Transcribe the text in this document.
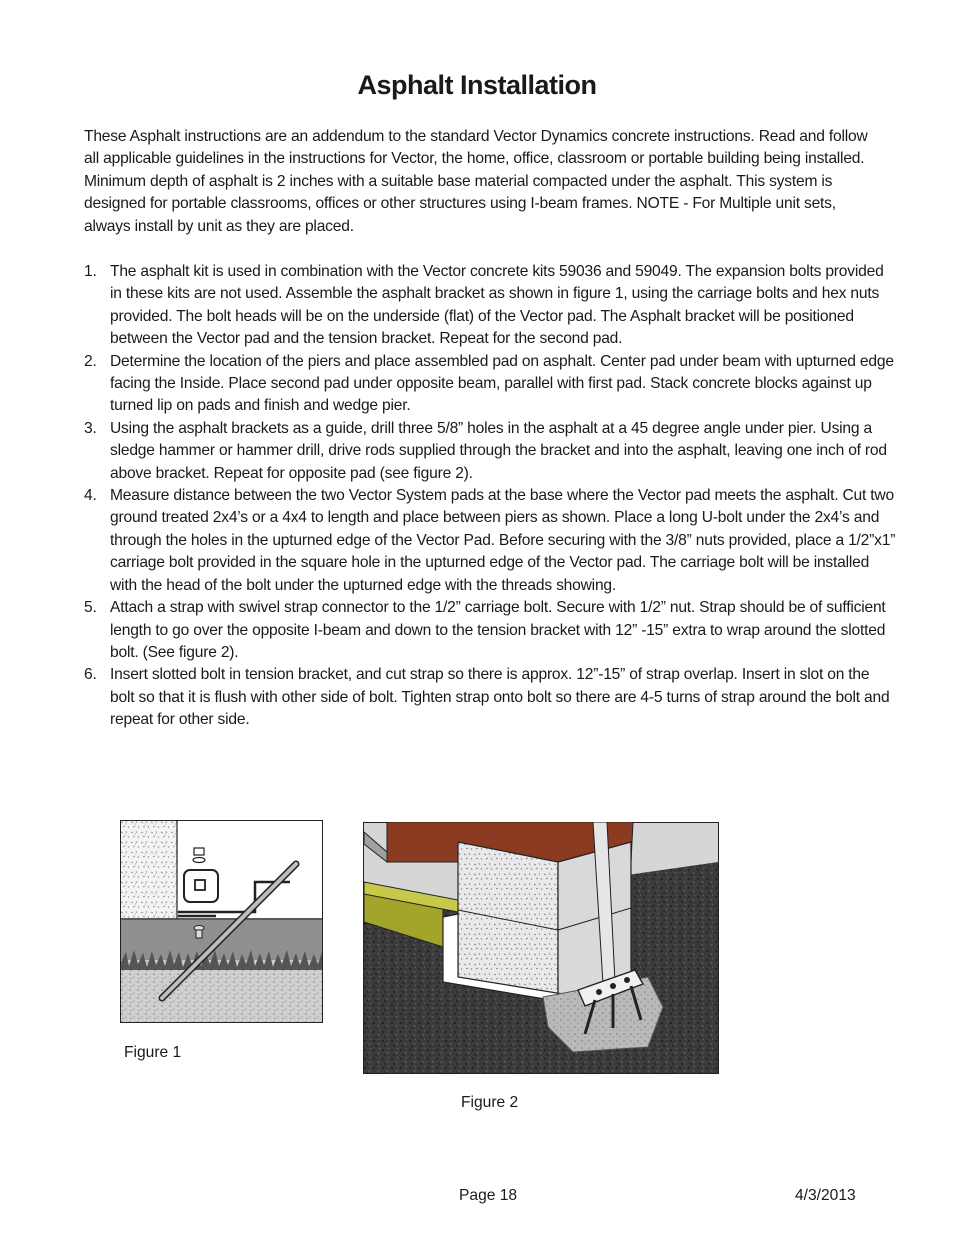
Asphalt Installation

These Asphalt instructions are an addendum to the standard Vector Dynamics concrete instructions. Read and follow all applicable guidelines in the instructions for Vector, the home, office, classroom or portable building being installed. Minimum depth of asphalt is 2 inches with a suitable base material compacted under the asphalt. This system is designed for portable classrooms, offices or other structures using I-beam frames. NOTE - For Multiple unit sets, always install by unit as they are placed.

1. The asphalt kit is used in combination with the Vector concrete kits 59036 and 59049. The expansion bolts provided in these kits are not used. Assemble the asphalt bracket as shown in figure 1, using the carriage bolts and hex nuts provided. The bolt heads will be on the underside (flat) of the Vector pad. The Asphalt bracket will be positioned between the Vector pad and the tension bracket. Repeat for the second pad.
2. Determine the location of the piers and place assembled pad on asphalt. Center pad under beam with upturned edge facing the Inside. Place second pad under opposite beam, parallel with first pad. Stack concrete blocks against up turned lip on pads and finish and wedge pier.
3. Using the asphalt brackets as a guide, drill three 5/8” holes in the asphalt at a 45 degree angle under pier. Using a sledge hammer or hammer drill, drive rods supplied through the bracket and into the asphalt, leaving one inch of rod above bracket. Repeat for opposite pad (see figure 2).
4. Measure distance between the two Vector System pads at the base where the Vector pad meets the asphalt. Cut two ground treated 2x4’s or a 4x4 to length and place between piers as shown. Place a long U-bolt under the 2x4’s and through the holes in the upturned edge of the Vector Pad. Before securing with the 3/8” nuts provided, place a 1/2”x1” carriage bolt provided in the square hole in the upturned edge of the Vector pad. The carriage bolt will be installed with the head of the bolt under the upturned edge with the threads showing.
5. Attach a strap with swivel strap connector to the 1/2” carriage bolt. Secure with 1/2” nut. Strap should be of sufficient length to go over the opposite I-beam and down to the tension bracket with 12” -15” extra to wrap around the slotted bolt. (See figure 2).
6. Insert slotted bolt in tension bracket, and cut strap so there is approx. 12”-15” of strap overlap. Insert in slot on the bolt so that it is flush with other side of bolt. Tighten strap onto bolt so there are 4-5 turns of strap around the bolt and repeat for other side.
Figure 1
Figure 2
Page 18	4/3/2013
